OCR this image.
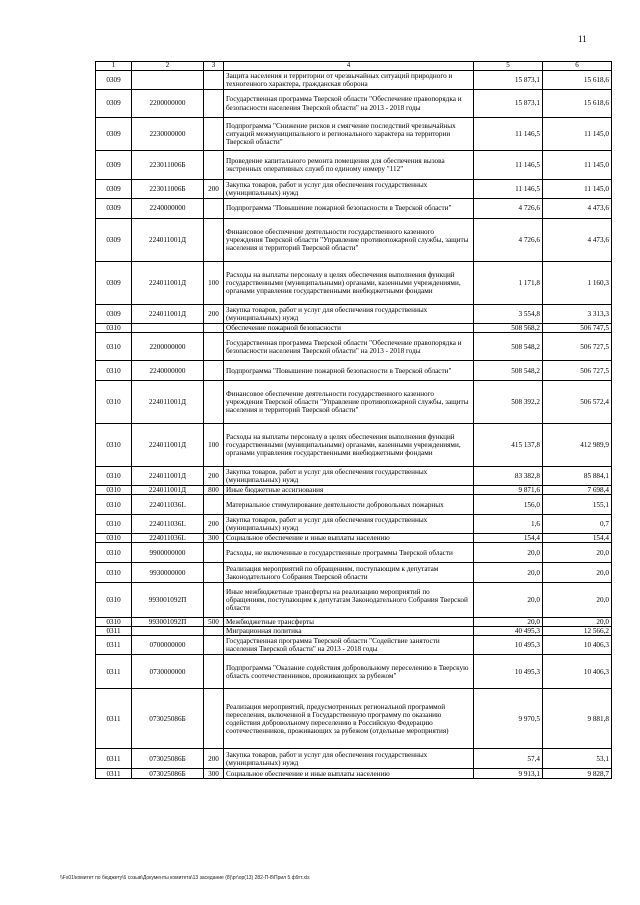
11
1	2	3	4	5	6
0309			Защита населения и территории от чрезвычайных ситуаций природного и техногенного характера, гражданская оборона	15 873,1	15 618,6
0309	2200000000		Государственная программа Тверской области "Обеспечение правопорядка и безопасности населения Тверской области" на 2013 - 2018 годы	15 873,1	15 618,6
0309	2230000000		Подпрограмма "Снижение рисков и смягчение последствий чрезвычайных ситуаций межмуниципального и регионального характера на территории Тверской области"	11 146,5	11 145,0
0309	223011006Б		Проведение капитального ремонта помещения для обеспечения вызова экстренных оперативных служб по единому номеру "112"	11 146,5	11 145,0
0309	223011006Б	200	Закупка товаров, работ и услуг для обеспечения государственных (муниципальных) нужд	11 146,5	11 145,0
0309	2240000000		Подпрограмма "Повышение пожарной безопасности в Тверской области"	4 726,6	4 473,6
0309	224011001Д		Финансовое обеспечение деятельности государственного казенного учреждения Тверской области "Управление противопожарной службы, защиты населения и территорий Тверской области"	4 726,6	4 473,6
0309	224011001Д	100	Расходы на выплаты персоналу в целях обеспечения выполнения функций государственными (муниципальными) органами, казенными учреждениями, органами управления государственными внебюджетными фондами	1 171,8	1 160,3
0309	224011001Д	200	Закупка товаров, работ и услуг для обеспечения государственных (муниципальных) нужд	3 554,8	3 313,3
0310			Обеспечение пожарной безопасности	508 568,2	506 747,5
0310	2200000000		Государственная программа Тверской области "Обеспечение правопорядка и безопасности населения Тверской области" на 2013 - 2018 годы	508 548,2	506 727,5
0310	2240000000		Подпрограмма "Повышение пожарной безопасности в Тверской области"	508 548,2	506 727,5
0310	224011001Д		Финансовое обеспечение деятельности государственного казенного учреждения Тверской области "Управление противопожарной службы, защиты населения и территорий Тверской области"	508 392,2	506 572,4
0310	224011001Д	100	Расходы на выплаты персоналу в целях обеспечения выполнения функций государственными (муниципальными) органами, казенными учреждениями, органами управления государственными внебюджетными фондами	415 137,8	412 989,9
0310	224011001Д	200	Закупка товаров, работ и услуг для обеспечения государственных (муниципальных) нужд	83 382,8	85 884,1
0310	224011001Д	800	Иные бюджетные ассигнования	9 871,6	7 698,4
0310	224011036L		Материальное стимулирование деятельности добровольных пожарных	156,0	155,1
0310	224011036L	200	Закупка товаров, работ и услуг для обеспечения государственных (муниципальных) нужд	1,6	0,7
0310	224011036L	300	Социальное обеспечение и иные выплаты населению	154,4	154,4
0310	9900000000		Расходы, не включенные в государственные программы Тверской области	20,0	20,0
0310	9930000000		Реализация мероприятий по обращениям, поступающим к депутатам Законодательного Собрания Тверской области	20,0	20,0
0310	993001092П		Иные межбюджетные трансферты на реализацию мероприятий по обращениям, поступающим к депутатам Законодательного Собрания Тверской области	20,0	20,0
0310	993001092П	500	Межбюджетные трансферты	20,0	20,0
0311			Миграционная политика	40 495,3	12 566,2
0311	0700000000		Государственная программа Тверской области "Содействие занятости населения Тверской области" на 2013 - 2018 годы	10 495,3	10 406,3
0311	0730000000		Подпрограмма "Оказание содействия добровольному переселению в Тверскую область соотечественников, проживающих за рубежом"	10 495,3	10 406,3
0311	073025086Б		Реализация мероприятий, предусмотренных региональной программой переселения, включенной в Государственную программу по оказанию содействия добровольному переселению в Российскую Федерацию соотечественников, проживающих за рубежом (отдельные мероприятия)	9 970,5	9 881,8
0311	073025086Б	200	Закупка товаров, работ и услуг для обеспечения государственных (муниципальных) нужд	57,4	53,1
0311	073025086Б	300	Социальное обеспечение и иные выплаты населению	9 913,1	9 828,7
\\Fs01\комитет по бюджету\6 созыв\Документы комитета\13 заседание (8)\рг\ор(13) 282-П-8\Прил 5 ф9гт.xls
